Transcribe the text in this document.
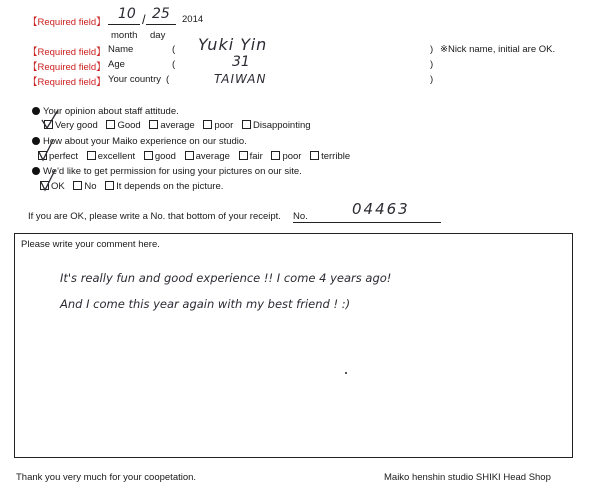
【Required field】
10 / 25 2014
month day
【Required field】 Name	( Yuki Yin	) ※Nick name, initial are OK.
【Required field】 Age	(	31	)
【Required field】 Your country (	TAIWAN	)
Your opinion about staff attitude.
Very good Good average poor Disappointing
How about your Maiko experience on our studio.
perfect excellent good average fair poor terrible
We'd like to get permission for using your pictures on our site.
OK No It depends on the picture.
If you are OK, please write a No. that bottom of your receipt. No.	04463
Please write your comment here.
It's really fun and good experience !! I come 4 years ago!
And I come this year again with my best friend ! :)
Thank you very much for your coopetation.	Maiko henshin studio SHIKI Head Shop
